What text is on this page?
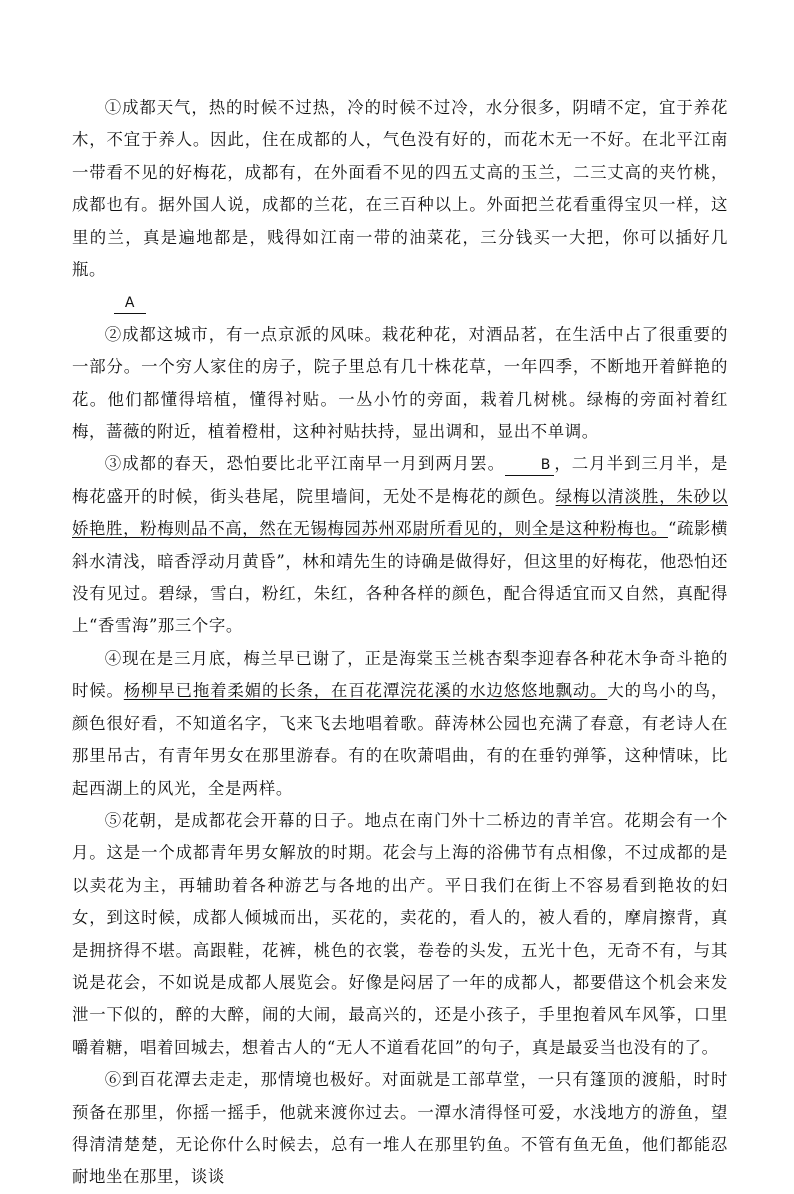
①成都天气，热的时候不过热，冷的时候不过冷，水分很多，阴晴不定，宜于养花木，不宜于养人。因此，住在成都的人，气色没有好的，而花木无一不好。在北平江南一带看不见的好梅花，成都有，在外面看不见的四五丈高的玉兰，二三丈高的夹竹桃，成都也有。据外国人说，成都的兰花，在三百种以上。外面把兰花看重得宝贝一样，这里的兰，真是遍地都是，贱得如江南一带的油菜花，三分钱买一大把，你可以插好几瓶。

A

②成都这城市，有一点京派的风味。栽花种花，对酒品茗，在生活中占了很重要的一部分。一个穷人家住的房子，院子里总有几十株花草，一年四季，不断地开着鲜艳的花。他们都懂得培植，懂得衬贴。一丛小竹的旁面，栽着几树桃。绿梅的旁面衬着红梅，蔷薇的附近，植着橙柑，这种衬贴扶持，显出调和，显出不单调。

③成都的春天，恐怕要比北平江南早一月到两月罢。	B ，二月半到三月半，是梅花盛开的时候，街头巷尾，院里墙间，无处不是梅花的颜色。绿梅以清淡胜，朱砂以娇艳胜，粉梅则品不高，然在无锡梅园苏州邓尉所看见的，则全是这种粉梅也。“疏影横斜水清浅，暗香浮动月黄昏”，林和靖先生的诗确是做得好，但这里的好梅花，他恐怕还没有见过。碧绿，雪白，粉红，朱红，各种各样的颜色，配合得适宜而又自然，真配得上“香雪海”那三个字。

④现在是三月底，梅兰早已谢了，正是海棠玉兰桃杏梨李迎春各种花木争奇斗艳的时候。杨柳早已拖着柔媚的长条，在百花潭浣花溪的水边悠悠地飘动。大的鸟小的鸟，颜色很好看，不知道名字，飞来飞去地唱着歌。薛涛林公园也充满了春意，有老诗人在那里吊古，有青年男女在那里游春。有的在吹萧唱曲，有的在垂钓弹筝，这种情味，比起西湖上的风光，全是两样。

⑤花朝，是成都花会开幕的日子。地点在南门外十二桥边的青羊宫。花期会有一个月。这是一个成都青年男女解放的时期。花会与上海的浴佛节有点相像，不过成都的是以卖花为主，再辅助着各种游艺与各地的出产。平日我们在街上不容易看到艳妆的妇女，到这时候，成都人倾城而出，买花的，卖花的，看人的，被人看的，摩肩擦背，真是拥挤得不堪。高跟鞋，花裤，桃色的衣裳，卷卷的头发，五光十色，无奇不有，与其说是花会，不如说是成都人展览会。好像是闷居了一年的成都人，都要借这个机会来发泄一下似的，醉的大醉，闹的大闹，最高兴的，还是小孩子，手里抱着风车风筝，口里嚼着糖，唱着回城去，想着古人的“无人不道看花回”的句子，真是最妥当也没有的了。

⑥到百花潭去走走，那情境也极好。对面就是工部草堂，一只有篷顶的渡船，时时预备在那里，你摇一摇手，他就来渡你过去。一潭水清得怪可爱，水浅地方的游鱼，望得清清楚楚，无论你什么时候去，总有一堆人在那里钓鱼。不管有鱼无鱼，他们都能忍耐地坐在那里，谈谈
